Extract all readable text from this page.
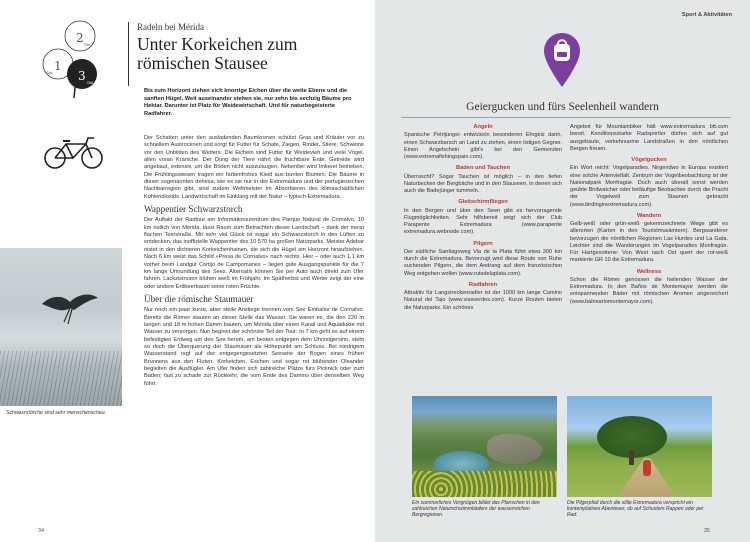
2
1
3
Std.
Std.
Std.
Radeln bei Mérida
Unter Korkeichen zum römischen Stausee
Bis zum Horizont ziehen sich knorrige Eichen über die weite Ebene und die sanften Hügel. Weit auseinander stehen sie, nur zehn bis sechzig Bäume pro Hektar. Darunter ist Platz für Weidewirtschaft. Und für naturbegeisterte Radfahrer.

Der Schatten unter den ausladenden Baumkronen schützt Gras und Kräuter vor zu schnellem Austrocknen und sorgt für Futter für Schafe, Ziegen, Rinder, Stiere, Schweine vor den Unbilden des Wetters. Die Eicheln sind Futter für Weidevieh und viele Vögel, allen voran Kraniche. Der Dung der Tiere nährt die fruchtbare Erde. Getreide wird angebaut, extensiv, um die Böden nicht auszulaugen. Nebenbei wird Imkerei betrieben. Die Frühlingswiesen tragen ein farbenfrohes Kleid aus bunten Blumen. Die Bäume in dieser sogenannten dehesa, wie es sie nur in der Extremadura und der portugiesischen Nachbarregion gibt, sind zudem Weltmeister im Absorbieren des klimaschädlichen Kohlendioxids. Landwirtschaft im Einklang mit der Natur – typisch Extremadura.

Wappentier Schwarzstorch

Der Auftakt der Radtour am Informationszentrum des Parque Natural de Cornalvo, 10 km östlich von Mérida, lässt Raum zum Betrachten dieser Landschaft – dank der meist flachen Teerstraße. Mit sehr viel Glück ist sogar ein Schwarzstorch in den Lüften zu entdecken, das inoffizielle Wappentier des 10 570 ha großen Naturparks. Meister Adebar nistet in den dichteren Korkeichenhainen, die sich die Hügel am Horizont hinaufziehen. Nach 6 km weist das Schild »Presa de Cornalvo« nach rechts. Hier – oder auch 1,1 km vorher beim Landgut Cortijo de Campomanes – liegen gute Ausgangspunkte für die 7 km lange Umrundung des Sees. Alternativ können Sie per Auto auch direkt zum Ufer fahren. Lackzistrosen blühen weiß im Frühjahr. Im Spätherbst und Winter zeigt der eine oder andere Erdbeerbaum seine roten Früchte.

Über die römische Staumauer

Nur noch ein paar kurze, aber steile Anstiege trennen vom See Embalse de Cornalvo. Bereits die Römer stauten an dieser Stelle das Wasser. Sie waren es, die den 220 m langen und 18 m hohen Damm bauten, um Mérida über einen Kanal und Aquädukte mit Wasser zu versorgen. Nun beginnt der schönste Teil der Tour: In 7 km geht es auf einem befestigten Erdweg um den See herum, am besten entgegen dem Uhrzeigersinn, steht so doch die Überquerung der Staumauer als Höhepunkt am Schluss. Bei niedrigem Wasserstand ragt auf der entgegengesetzten Seeseite der Bogen eines frühen Brunnens aus den Fluten. Korkeichen, Eschen und sogar rot blühender Oleander begleiten die Ausflügler. Am Ufer finden sich zahlreiche Plätze fürs Picknick oder zum Baden; fast zu schade zur Rückkehr, die vom Ende des Damms über denselben Weg führt.

Schwarzstörche sind sehr menschenscheu.
34
Sport & Aktivitäten
Geiergucken und fürs Seelenheil wandern
Angeln

Spanische Petrijünger entwickeln besonderen Ehrgeiz darin, einen Schwarzbarsch an Land zu ziehen, einen listigen Gegner. Einen Angelschein gibt's bei den Gemeinden (www.extremafishingspain.com).

Baden und Tauchen

Überrascht? Sogar Tauchen ist möglich – in den tiefen Naturbecken der Bergbäche und in den Stauseen, in denen sich auch die Badejünger tummeln.

Gleitschirmfliegen

In den Bergen und über den Seen gibt es hervorragende Flugmöglichkeiten. Sehr hilfsbereit zeigt sich der Club Parapente Extremadura (www.parapente extremadura.webnode.com).

Pilgern

Der südliche Santiagoweg Via de la Plata führt etwa 300 km durch die Extremadura. Bevorzugt wird diese Route von Ruhe suchenden Pilgern, die dem Andrang auf dem französischen Weg entgehen wollen (www.rutadelaplata.com).

Radfahren

Attraktiv für Langstreckenradler ist der 1000 km lange Camino Natural del Tajo (www.viasverdes.com). Kurze Routen bieten die Naturparks. Ein schönes

Angebot für Mountainbiker hält www.extremadura btt.com bereit. Konditionsstarke Radsportler dürfen sich auf gut ausgebaute, verkehrsarme Landstraßen in den nördlichen Bergen freuen.

Vögelgucken

Ein Wort reicht: Vogelparadies. Nirgendwo in Europa existiert eine solche Artenvielfalt. Zentrum der Vogelbeobachtung ist der Nationalpark Monfragüe. Doch auch überall sonst werden geübte Birdwatcher oder beiläufige Beobachter durch die Pracht der Vogelwelt zum Staunen gebracht (www.birdinginextremadura.com).

Wandern

Gelb-weiß oder grün-weiß gekennzeichnete Wege gibt es allerorten (Karten in den Touristmusämtern). Bergwanderer bevorzugen die nördlichen Regionen Las Hurdes und La Gata. Leichter sind die Wanderungen im Vogelparadies Monfragüe. Für Hartgesottene: Von West nach Ost quert der rot-weiß markierte GR 10 die Extremadura.

Wellness

Schon die Römer genossen die heilenden Wasser der Extremadura. In den Baños de Montemayor werden die entspannenden Bäder mit römischen Aromen angereichert (www.balneariomontemayor.com).

35
Ein sommerliches Vergnügen bildet das Planschen in den zahlreichen Naturschwimmbädern der wasserreichen Bergregionen.
Die Pilgerpfad durch die stille Extremadura verspricht ein kontemplatives Abenteuer, ob auf Schusters Rappen oder per Rad.
